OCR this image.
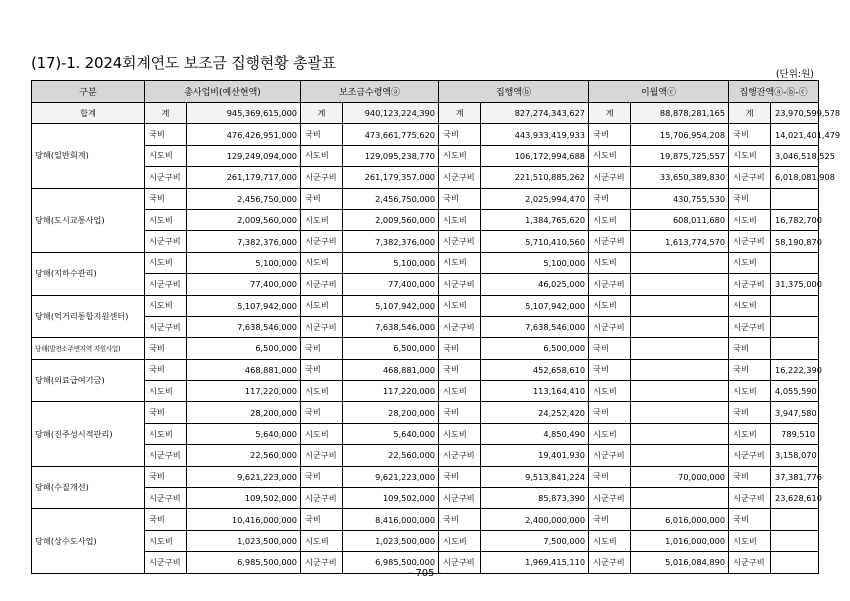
(17)-1. 2024회계연도 보조금 집행현황 총괄표
(단위:원)
구분	총사업비(예산현액)		보조금수령액ⓐ		집행액ⓑ		이월액ⓒ		집행잔액ⓐ-ⓑ-ⓒ	
합계	계	945,369,615,000	계	940,123,224,390	계	827,274,343,627	계	88,878,281,165	계	23,970,599,578
당해(일반회계)	국비	476,426,951,000	국비	473,661,775,620	국비	443,933,419,933	국비	15,706,954,208	국비	14,021,401,479
	시도비	129,249,094,000	시도비	129,095,238,770	시도비	106,172,994,688	시도비	19,875,725,557	시도비	3,046,518,525
	시군구비	261,179,717,000	시군구비	261,179,357,000	시군구비	221,510,885,262	시군구비	33,650,389,830	시군구비	6,018,081,908
당해(도시교통사업)	국비	2,456,750,000	국비	2,456,750,000	국비	2,025,994,470	국비	430,755,530	국비	
	시도비	2,009,560,000	시도비	2,009,560,000	시도비	1,384,765,620	시도비	608,011,680	시도비	16,782,700
	시군구비	7,382,376,000	시군구비	7,382,376,000	시군구비	5,710,410,560	시군구비	1,613,774,570	시군구비	58,190,870
당해(지하수관리)	시도비	5,100,000	시도비	5,100,000	시도비	5,100,000	시도비		시도비	
	시군구비	77,400,000	시군구비	77,400,000	시군구비	46,025,000	시군구비		시군구비	31,375,000
당해(억거리통합지원센터)	시도비	5,107,942,000	시도비	5,107,942,000	시도비	5,107,942,000	시도비		시도비	
	시군구비	7,638,546,000	시군구비	7,638,546,000	시군구비	7,638,546,000	시군구비		시군구비	
당해(발전소주변지역 지원사업)	국비	6,500,000	국비	6,500,000	국비	6,500,000	국비		국비	
당해(의료급여기금)	국비	468,881,000	국비	468,881,000	국비	452,658,610	국비		국비	16,222,390
	시도비	117,220,000	시도비	117,220,000	시도비	113,164,410	시도비		시도비	4,055,590
당해(진주성시적관리)	국비	28,200,000	국비	28,200,000	국비	24,252,420	국비		국비	3,947,580
	시도비	5,640,000	시도비	5,640,000	시도비	4,850,490	시도비		시도비	789,510
	시군구비	22,560,000	시군구비	22,560,000	시군구비	19,401,930	시군구비		시군구비	3,158,070
당해(수질개선)	국비	9,621,223,000	국비	9,621,223,000	국비	9,513,841,224	국비	70,000,000	국비	37,381,776
	시군구비	109,502,000	시군구비	109,502,000	시군구비	85,873,390	시군구비		시군구비	23,628,610
당해(상수도사업)	국비	10,416,000,000	국비	8,416,000,000	국비	2,400,000,000	국비	6,016,000,000	국비	
	시도비	1,023,500,000	시도비	1,023,500,000	시도비	7,500,000	시도비	1,016,000,000	시도비	
	시군구비	6,985,500,000	시군구비	6,985,500,000	시군구비	1,969,415,110	시군구비	5,016,084,890	시군구비	
- 705 -
